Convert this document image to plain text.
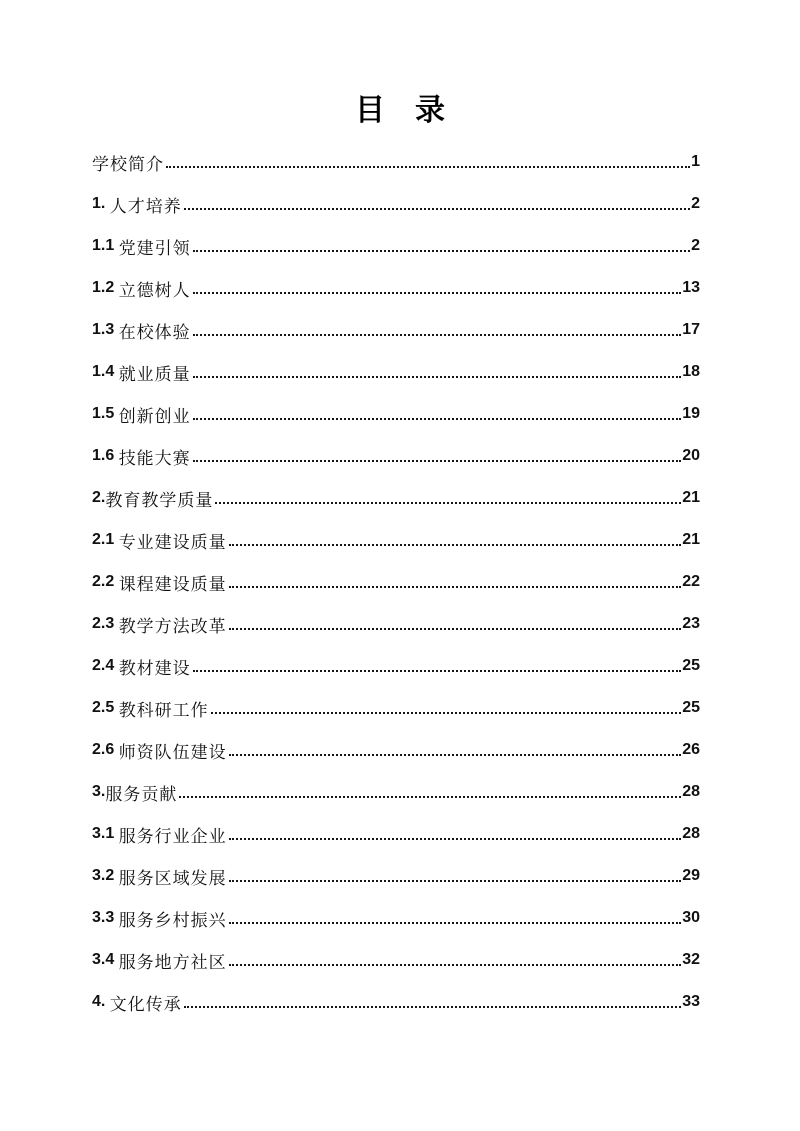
目　录
学校简介	1
1. 人才培养	2
1.1 党建引领	2
1.2 立德树人	13
1.3 在校体验	17
1.4 就业质量	18
1.5 创新创业	19
1.6 技能大赛	20
2. 教育教学质量	21
2.1 专业建设质量	21
2.2 课程建设质量	22
2.3 教学方法改革	23
2.4 教材建设	25
2.5 教科研工作	25
2.6 师资队伍建设	26
3. 服务贡献	28
3.1 服务行业企业	28
3.2 服务区域发展	29
3.3 服务乡村振兴	30
3.4 服务地方社区	32
4. 文化传承	33
